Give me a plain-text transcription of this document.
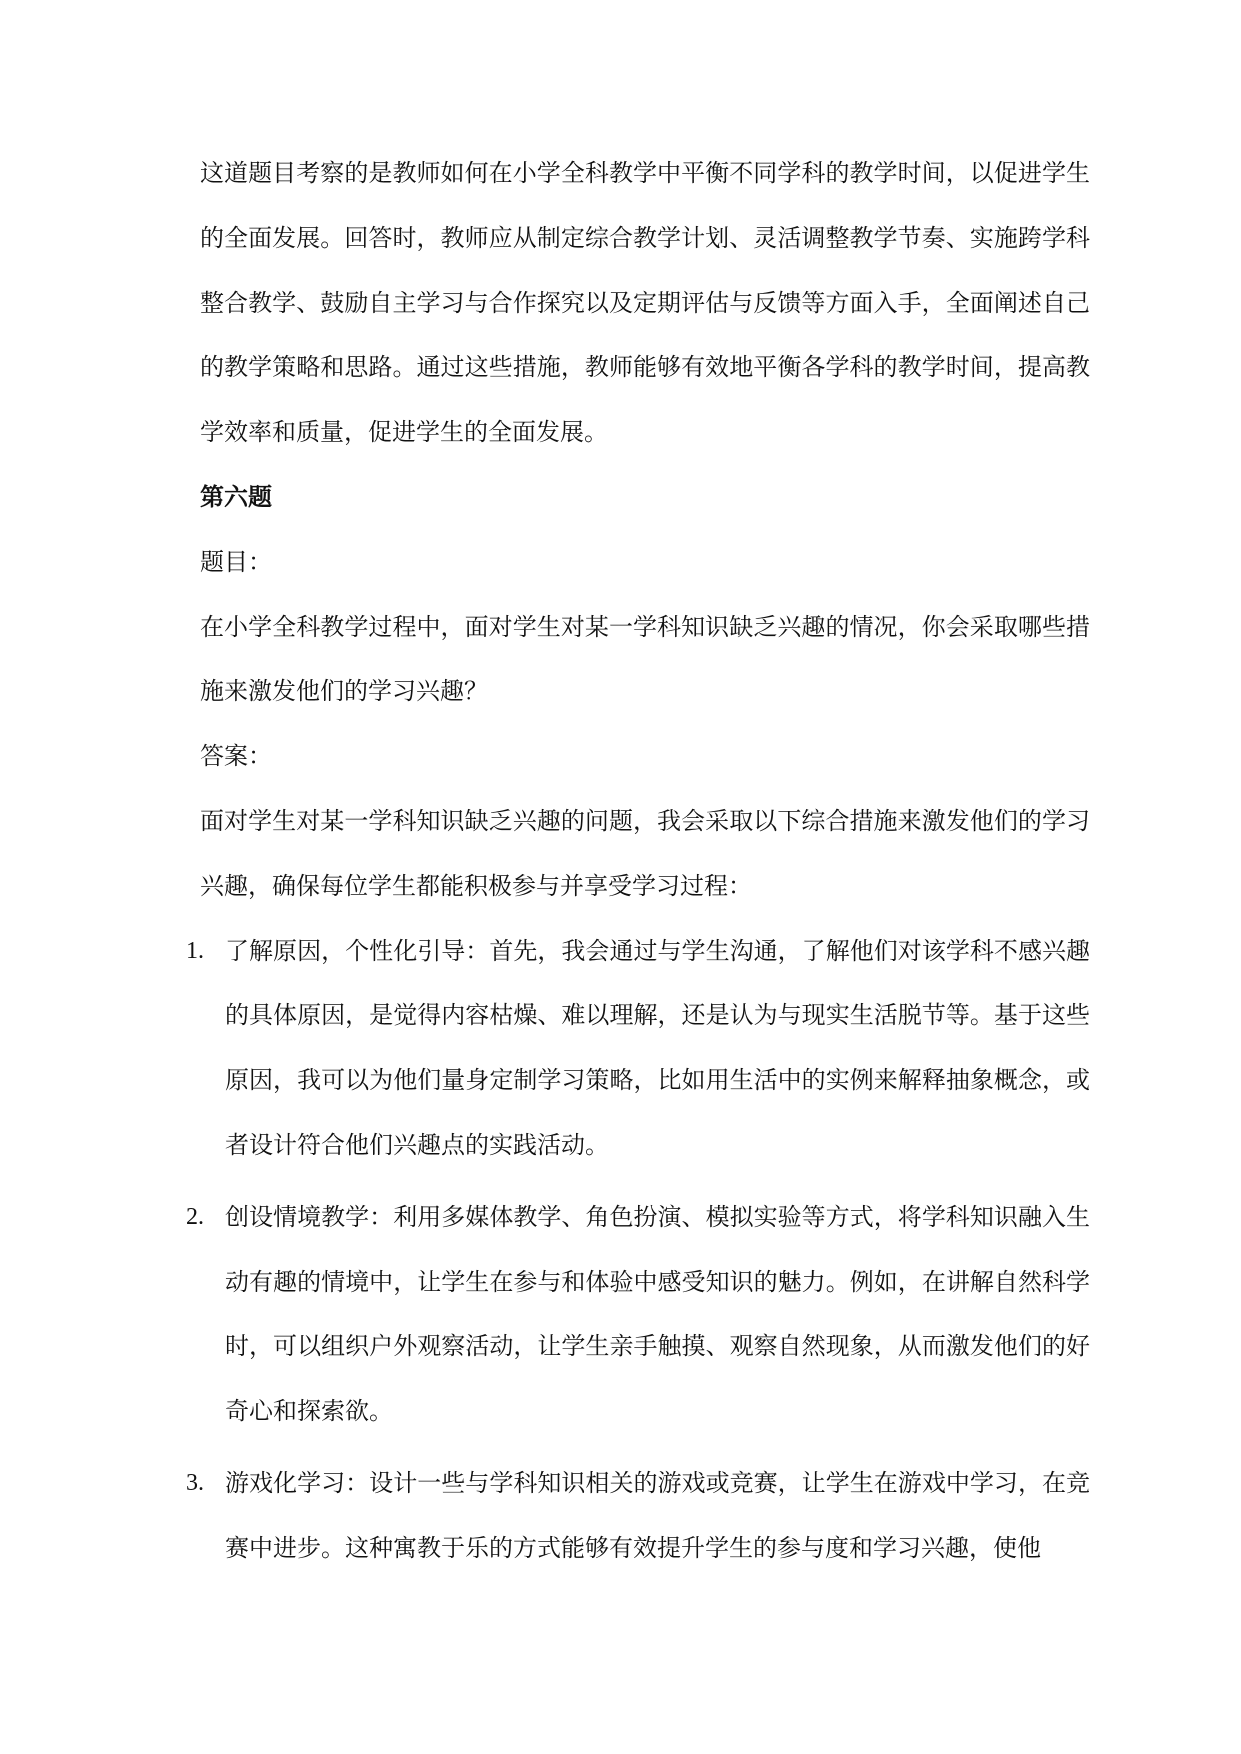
这道题目考察的是教师如何在小学全科教学中平衡不同学科的教学时间，以促进学生的全面发展。回答时，教师应从制定综合教学计划、灵活调整教学节奏、实施跨学科整合教学、鼓励自主学习与合作探究以及定期评估与反馈等方面入手，全面阐述自己的教学策略和思路。通过这些措施，教师能够有效地平衡各学科的教学时间，提高教学效率和质量，促进学生的全面发展。

第六题

题目：

在小学全科教学过程中，面对学生对某一学科知识缺乏兴趣的情况，你会采取哪些措施来激发他们的学习兴趣？

答案：

面对学生对某一学科知识缺乏兴趣的问题，我会采取以下综合措施来激发他们的学习兴趣，确保每位学生都能积极参与并享受学习过程：

1. 了解原因，个性化引导：首先，我会通过与学生沟通，了解他们对该学科不感兴趣的具体原因，是觉得内容枯燥、难以理解，还是认为与现实生活脱节等。基于这些原因，我可以为他们量身定制学习策略，比如用生活中的实例来解释抽象概念，或者设计符合他们兴趣点的实践活动。
2. 创设情境教学：利用多媒体教学、角色扮演、模拟实验等方式，将学科知识融入生动有趣的情境中，让学生在参与和体验中感受知识的魅力。例如，在讲解自然科学时，可以组织户外观察活动，让学生亲手触摸、观察自然现象，从而激发他们的好奇心和探索欲。
3. 游戏化学习：设计一些与学科知识相关的游戏或竞赛，让学生在游戏中学习，在竞赛中进步。这种寓教于乐的方式能够有效提升学生的参与度和学习兴趣，使他
